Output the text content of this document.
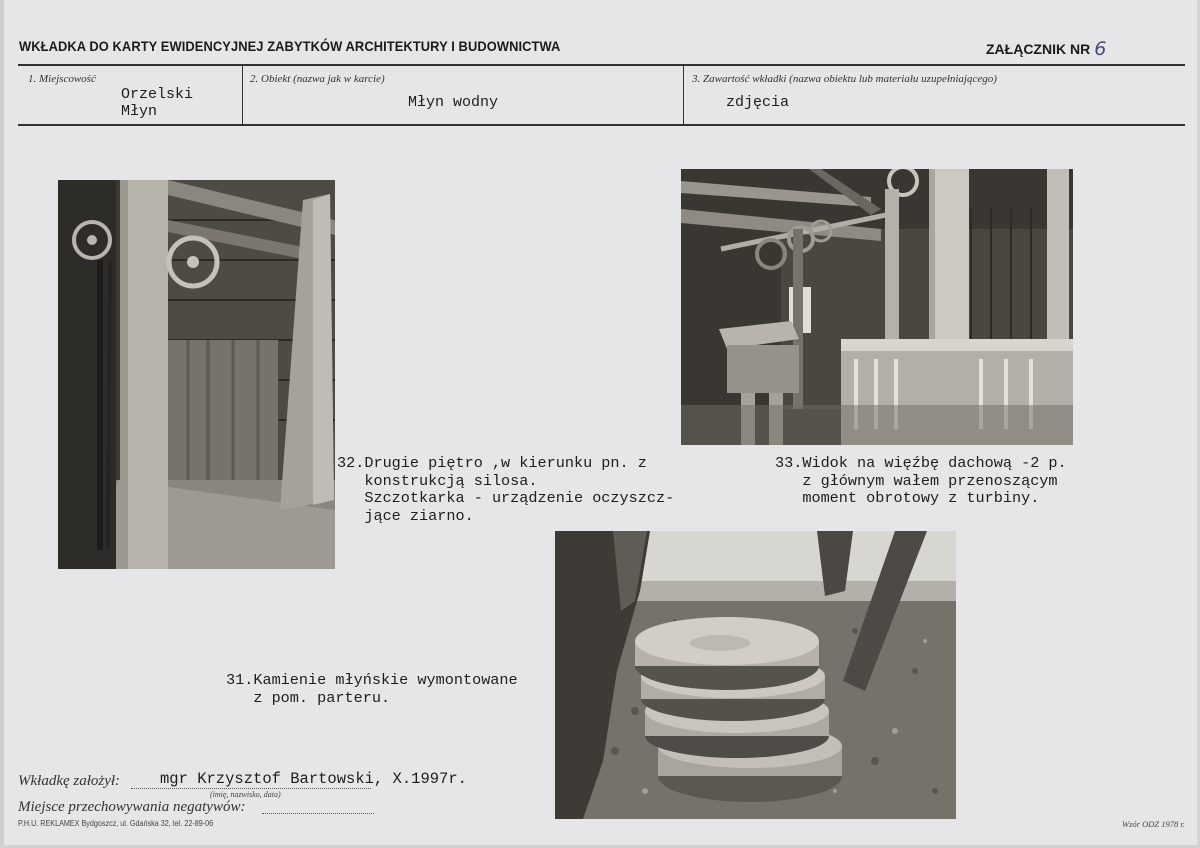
WKŁADKA DO KARTY EWIDENCYJNEJ ZABYTKÓW ARCHITEKTURY I BUDOWNICTWA	ZAŁĄCZNIK NR 6
1. Miejscowość
Orzelski
Młyn
2. Obiekt (nazwa jak w karcie)
Młyn wodny
3. Zawartość wkładki (nazwa obiektu lub materiału uzupełniającego)
zdjęcia
32.Drugie piętro ,w kierunku pn. z
konstrukcją silosa.
Szczotkarka - urządzenie oczyszcz-
jące ziarno.
33.Widok na więźbę dachową -2 p.
z głównym wałem przenoszącym
moment obrotowy z turbiny.
31.Kamienie młyńskie wymontowane
z pom. parteru.
Wkładkę założył:	mgr Krzysztof Bartowski, X.1997r.
(imię, nazwisko, data)
Miejsce przechowywania negatywów:
P.H.U. REKLAMEX Bydgoszcz, ul. Gdańska 32, tel. 22-89-06	Wzór ODZ 1978 r.
